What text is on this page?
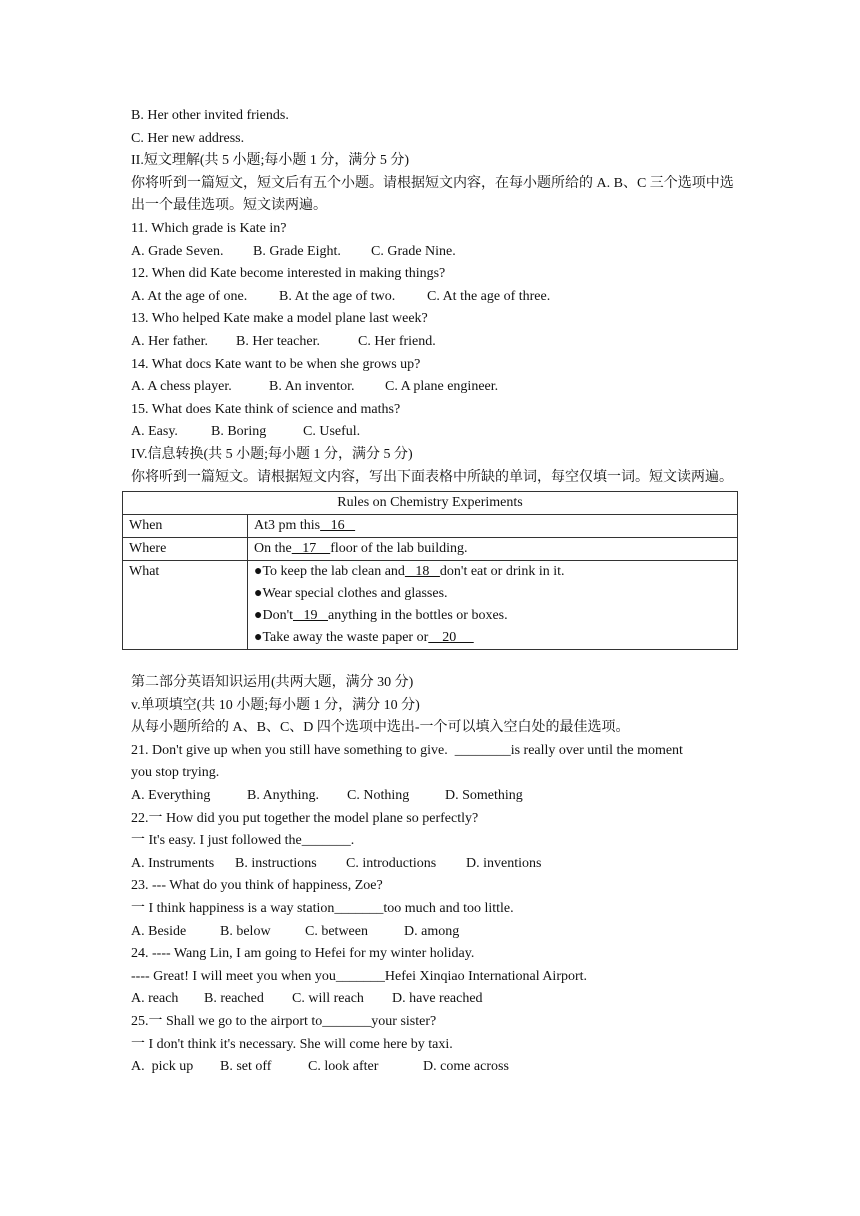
B. Her other invited friends.
C. Her new address.
II.短文理解(共 5 小题;每小题 1 分，满分 5 分)
你将听到一篇短文，短文后有五个小题。请根据短文内容，在每小题所给的 A. B、C 三个选项中选出一个最佳选项。短文读两遍。
11. Which grade is Kate in?
A. Grade Seven. B. Grade Eight. C. Grade Nine.
12. When did Kate become interested in making things?
A. At the age of one. B. At the age of two. C. At the age of three.
13. Who helped Kate make a model plane last week?
A. Her father. B. Her teacher.	C. Her friend.
14. What docs Kate want to be when she grows up?
A. A chess player.	B. An inventor. C. A plane engineer.
15. What does Kate think of science and maths?
A. Easy. B. Boring	C. Useful.
IV.信息转换(共 5 小题;每小题 1 分，满分 5 分)
你将听到一篇短文。请根据短文内容，写出下面表格中所缺的单词，每空仅填一词。短文读两遍。
Rules on Chemistry Experiments	
When	At3 pm this   16
Where	On the   17    floor of the lab building.
What	●To keep the lab clean and   18   don't eat or drink in it.
●Wear special clothes and glasses.
●Don't   19   anything in the bottles or boxes.
●Take away the waste paper or    20
第二部分英语知识运用(共两大题，满分 30 分)
v.单项填空(共 10 小题;每小题 1 分，满分 10 分)
从每小题所给的 A、B、C、D 四个选项中选出-一个可以填入空白处的最佳选项。
21. Don't give up when you still have something to give.  ________is really over until the moment
you stop trying.
A. Everything	B. Anything. C. Nothing	D. Something
22.一 How did you put together the model plane so perfectly?
一 It's easy. I just followed the_______.
A. Instruments B. instructions C. introductions D. inventions
23. --- What do you think of happiness, Zoe?
一 I think happiness is a way station_______too much and too little.
A. Beside B. below C. between	D. among
24. ---- Wang Lin, I am going to Hefei for my winter holiday.
---- Great! I will meet you when you_______Hefei Xinqiao International Airport.
A. reach B. reached C. will reach D. have reached
25.一 Shall we go to the airport to_______your sister?
一 I don't think it's necessary. She will come here by taxi.
A.  pick up B. set off	C. look after	D. come across
